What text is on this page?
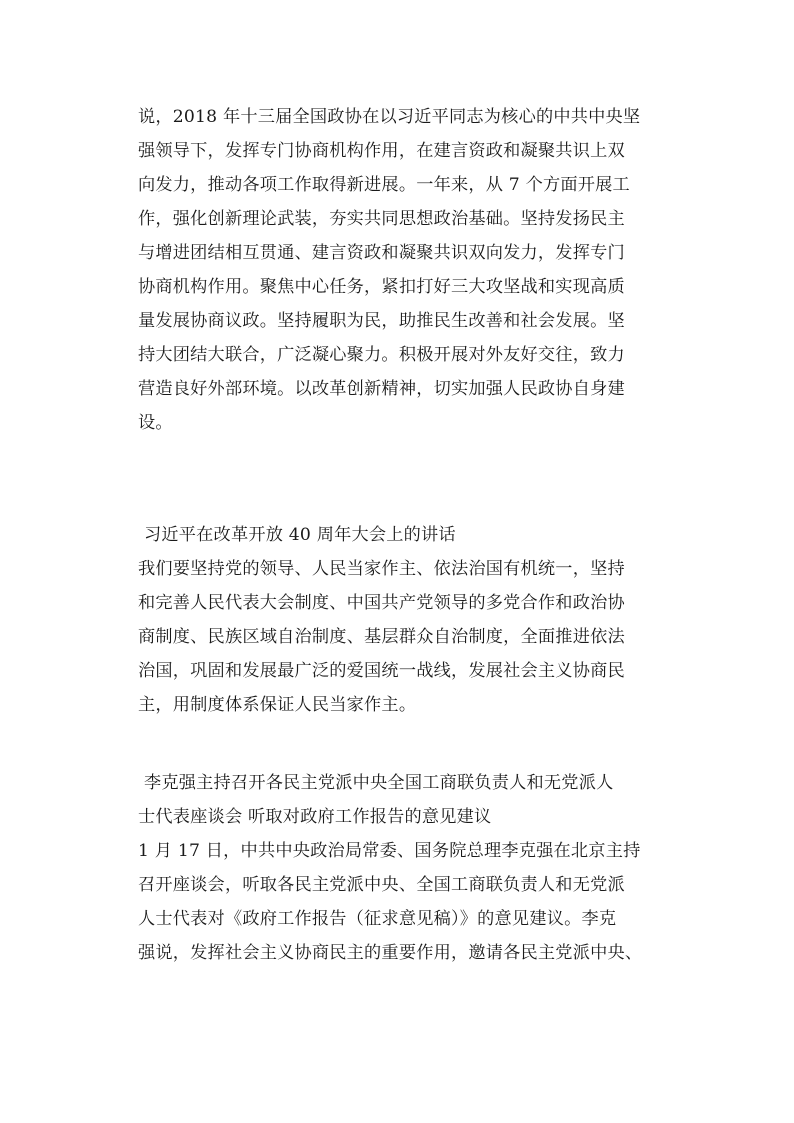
说，2018 年十三届全国政协在以习近平同志为核心的中共中央坚
强领导下，发挥专门协商机构作用，在建言资政和凝聚共识上双
向发力，推动各项工作取得新进展。一年来，从 7 个方面开展工
作，强化创新理论武装，夯实共同思想政治基础。坚持发扬民主
与增进团结相互贯通、建言资政和凝聚共识双向发力，发挥专门
协商机构作用。聚焦中心任务，紧扣打好三大攻坚战和实现高质
量发展协商议政。坚持履职为民，助推民生改善和社会发展。坚
持大团结大联合，广泛凝心聚力。积极开展对外友好交往，致力
营造良好外部环境。以改革创新精神，切实加强人民政协自身建
设。
习近平在改革开放 40 周年大会上的讲话
我们要坚持党的领导、人民当家作主、依法治国有机统一，坚持
和完善人民代表大会制度、中国共产党领导的多党合作和政治协
商制度、民族区域自治制度、基层群众自治制度，全面推进依法
治国，巩固和发展最广泛的爱国统一战线，发展社会主义协商民
主，用制度体系保证人民当家作主。
李克强主持召开各民主党派中央全国工商联负责人和无党派人
士代表座谈会 听取对政府工作报告的意见建议
1 月 17 日，中共中央政治局常委、国务院总理李克强在北京主持
召开座谈会，听取各民主党派中央、全国工商联负责人和无党派
人士代表对《政府工作报告（征求意见稿）》的意见建议。李克
强说，发挥社会主义协商民主的重要作用，邀请各民主党派中央、
